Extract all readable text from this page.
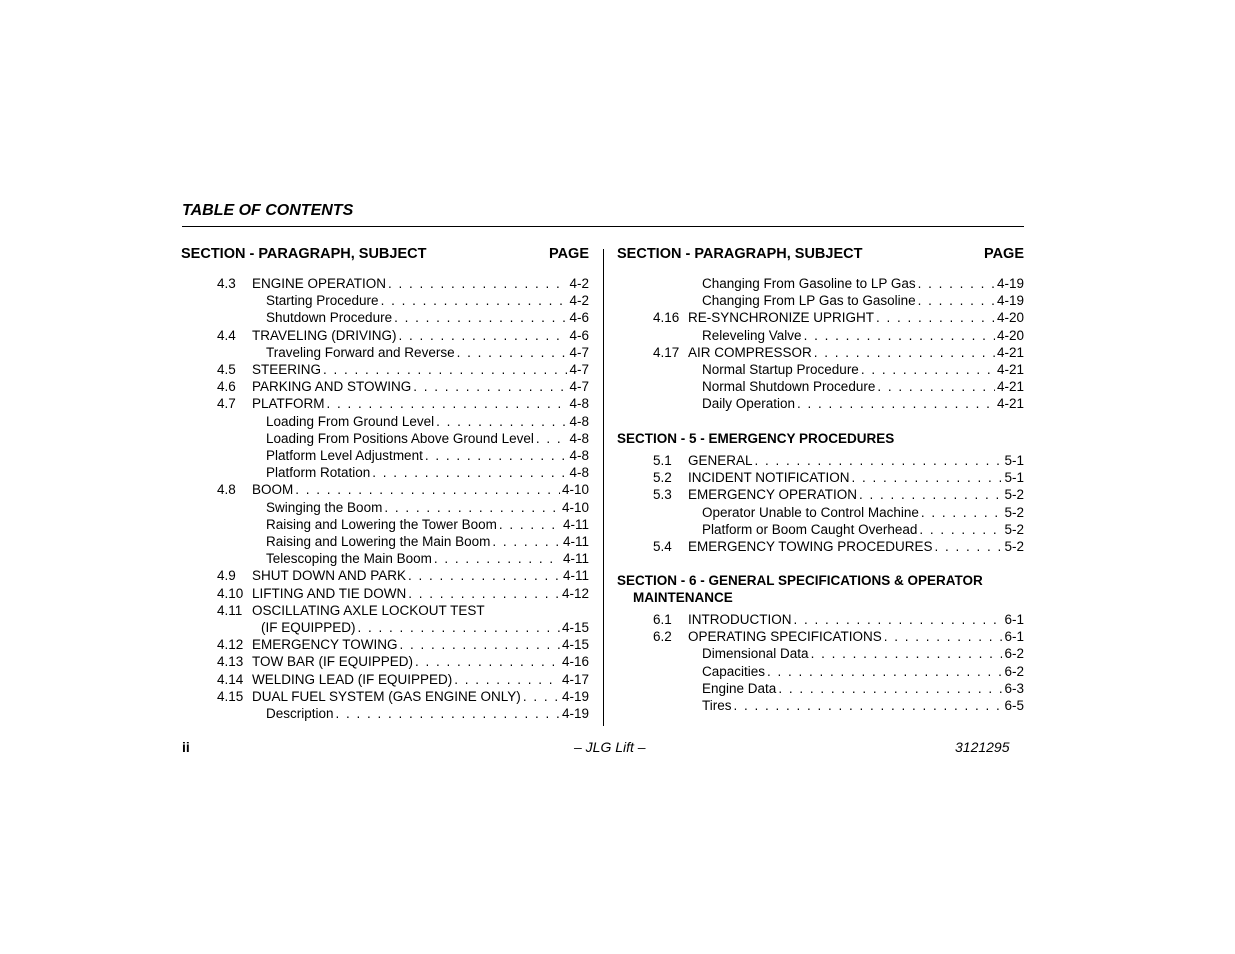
TABLE OF CONTENTS
SECTION - PARAGRAPH, SUBJECT	PAGE SECTION - PARAGRAPH, SUBJECT	PAGE
4.3 ENGINE OPERATION . . .	4-2
Starting Procedure . . .	4-2
Shutdown Procedure . . .	4-6
4.4 TRAVELING (DRIVING) . . .	4-6
Traveling Forward and Reverse . . .	4-7
4.5 STEERING . . .	4-7
4.6 PARKING AND STOWING . . .	4-7
4.7 PLATFORM . . .	4-8
Loading From Ground Level . . .	4-8
Loading From Positions Above Ground Level . . .	4-8
Platform Level Adjustment . . .	4-8
Platform Rotation . . .	4-8
4.8 BOOM . . .	4-10
Swinging the Boom . . .	4-10
Raising and Lowering the Tower Boom . . .	4-11
Raising and Lowering the Main Boom . . .	4-11
Telescoping the Main Boom . . .	4-11
4.9 SHUT DOWN AND PARK . . .	4-11
4.10 LIFTING AND TIE DOWN . . .	4-12
4.11 OSCILLATING AXLE LOCKOUT TEST
(IF EQUIPPED) . . .	4-15
4.12 EMERGENCY TOWING . . .	4-15
4.13 TOW BAR (IF EQUIPPED) . . .	4-16
4.14 WELDING LEAD (IF EQUIPPED) . . .	4-17
4.15 DUAL FUEL SYSTEM (GAS ENGINE ONLY) . . .	4-19
Description . . .	4-19
Changing From Gasoline to LP Gas . . .	4-19
Changing From LP Gas to Gasoline . . .	4-19
4.16 RE-SYNCHRONIZE UPRIGHT . . .	4-20
Releveling Valve . . .	4-20
4.17 AIR COMPRESSOR . . .	4-21
Normal Startup Procedure . . .	4-21
Normal Shutdown Procedure . . .	4-21
Daily Operation . . .	4-21
SECTION - 5 - EMERGENCY PROCEDURES
5.1 GENERAL . . .	5-1
5.2 INCIDENT NOTIFICATION . . .	5-1
5.3 EMERGENCY OPERATION . . .	5-2
Operator Unable to Control Machine . . .	5-2
Platform or Boom Caught Overhead . . .	5-2
5.4 EMERGENCY TOWING PROCEDURES . . .	5-2
SECTION - 6 - GENERAL SPECIFICATIONS & OPERATOR
MAINTENANCE
6.1 INTRODUCTION . . .	6-1
6.2 OPERATING SPECIFICATIONS . . .	6-1
Dimensional Data . . .	6-2
Capacities . . .	6-2
Engine Data . . .	6-3
Tires . . .	6-5
ii	– JLG Lift –	3121295
